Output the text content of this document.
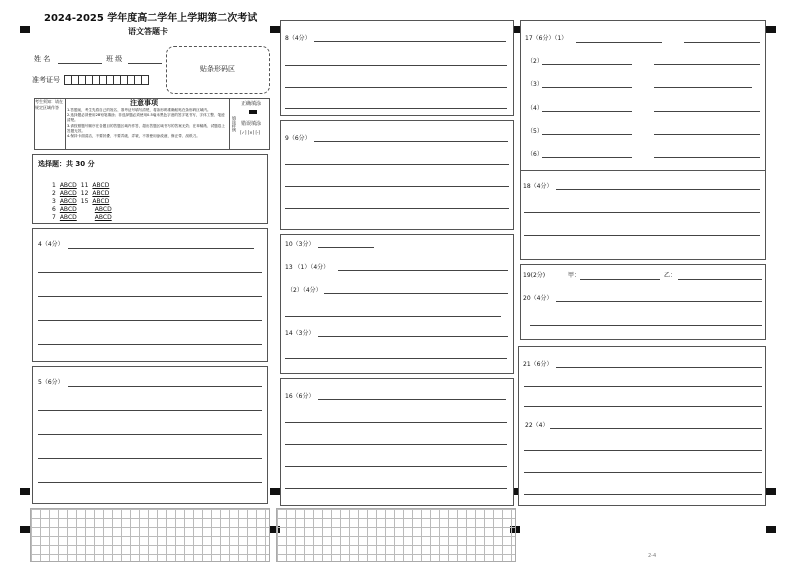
2024-2025 学年度高二学年上学期第二次考试
语文答题卡
姓 名	班 级
准考证号
贴条形码区
考生须知：请在规定区域作答
注意事项
1.答题前，考生先将自己的姓名、准考证号填写清楚，将条形码准确粘贴在条形码区域内。
2.选择题必须使用2B铅笔填涂；非选择题必须使用0.5毫米黑色字迹的签字笔书写，字体工整、笔迹清楚。
3.请按照题号顺序在各题目的答题区域内作答，超出答题区域书写的答案无效；在草稿纸、试题卷上答题无效。
4.保持卡面清洁，不要折叠、不要弄破、弄皱，不准使用涂改液、修正带、刮纸刀。
正确填涂
填涂样例 错误填涂
[✓] [×] [-]
选择题：共 30 分
1 ABCD 11 ABCD
2 ABCD 12 ABCD
3 ABCD 15 ABCD
6 ABCD	ABCD
7 ABCD	ABCD
4（4分）
5（6分）
8（4分）
9（6分）
10（3分）
13 （1）（4分）
（2）（4分）
14（3分）
16（6分）
17（6分）（1）
（2）
（3）
（4）
（5）
（6）
18（4分）
19(2分)	甲：	乙：
20（4分）
21（6分）
22（4）
2-4
